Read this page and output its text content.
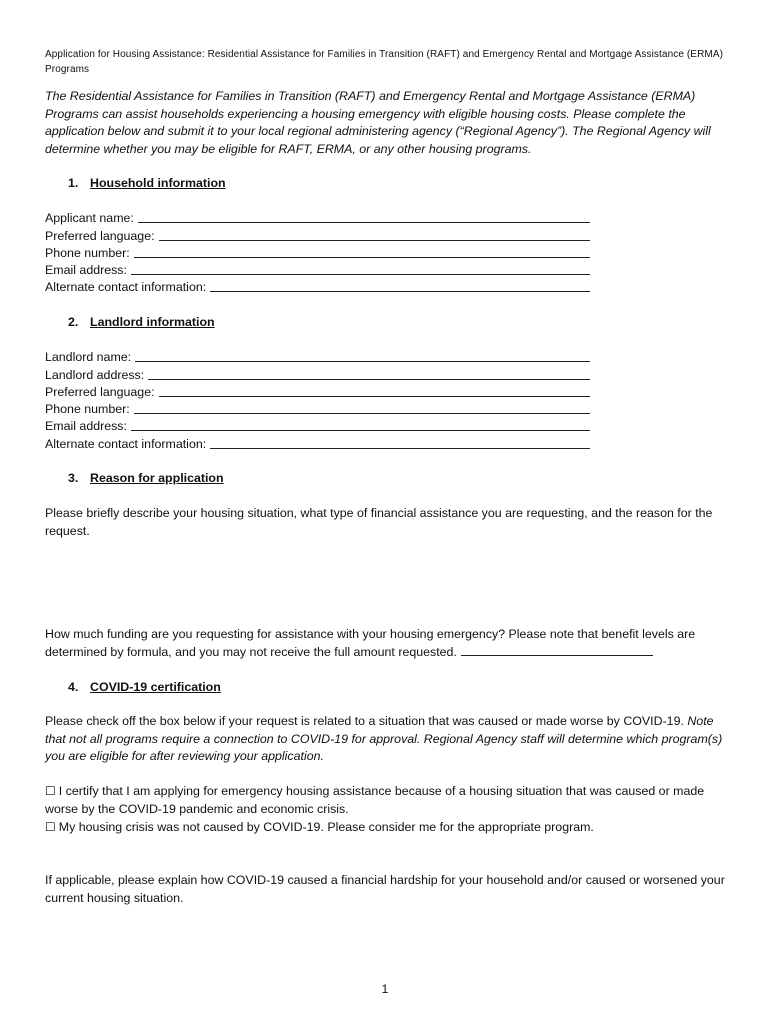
Application for Housing Assistance: Residential Assistance for Families in Transition (RAFT) and Emergency Rental and Mortgage Assistance (ERMA) Programs
The Residential Assistance for Families in Transition (RAFT) and Emergency Rental and Mortgage Assistance (ERMA) Programs can assist households experiencing a housing emergency with eligible housing costs. Please complete the application below and submit it to your local regional administering agency (“Regional Agency”). The Regional Agency will determine whether you may be eligible for RAFT, ERMA, or any other housing programs.
1. Household information
Applicant name:
Preferred language:
Phone number:
Email address:
Alternate contact information:
2. Landlord information
Landlord name:
Landlord address:
Preferred language:
Phone number:
Email address:
Alternate contact information:
3. Reason for application
Please briefly describe your housing situation, what type of financial assistance you are requesting, and the reason for the request.
How much funding are you requesting for assistance with your housing emergency? Please note that benefit levels are determined by formula, and you may not receive the full amount requested.
4. COVID-19 certification
Please check off the box below if your request is related to a situation that was caused or made worse by COVID-19. Note that not all programs require a connection to COVID-19 for approval. Regional Agency staff will determine which program(s) you are eligible for after reviewing your application.
☐ I certify that I am applying for emergency housing assistance because of a housing situation that was caused or made worse by the COVID-19 pandemic and economic crisis.
☐ My housing crisis was not caused by COVID-19. Please consider me for the appropriate program.
If applicable, please explain how COVID-19 caused a financial hardship for your household and/or caused or worsened your current housing situation.
1
